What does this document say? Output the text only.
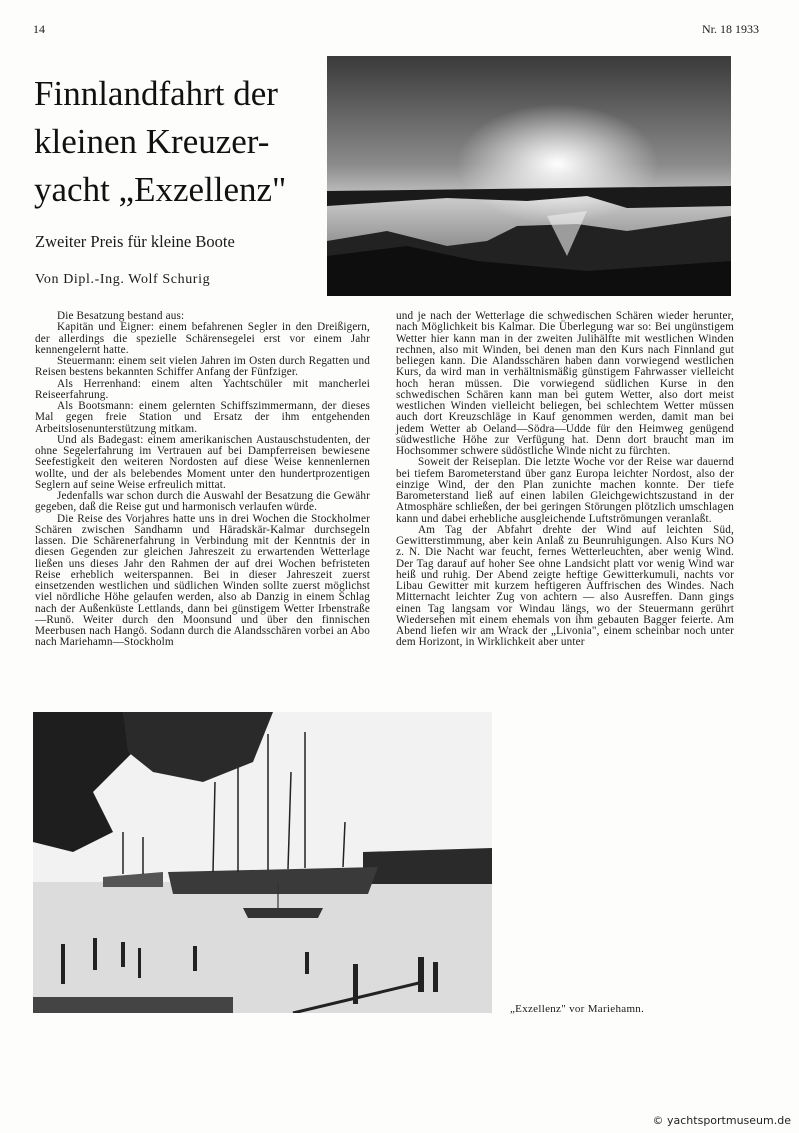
14	Nr. 18 1933
Finnlandfahrt der kleinen Kreuzer-yacht „Exzellenz"
Zweiter Preis für kleine Boote
Von Dipl.-Ing. Wolf Schurig

Die Besatzung bestand aus:

Kapitän und Eigner: einem befahrenen Segler in den Dreißigern, der allerdings die spezielle Schärensegelei erst vor einem Jahr kennengelernt hatte.

Steuermann: einem seit vielen Jahren im Osten durch Regatten und Reisen bestens bekannten Schiffer Anfang der Fünfziger.

Als Herrenhand: einem alten Yachtschüler mit mancherlei Reiseerfahrung.

Als Bootsmann: einem gelernten Schiffszimmermann, der dieses Mal gegen freie Station und Ersatz der ihm entgehenden Arbeitslosenunterstützung mitkam.

Und als Badegast: einem amerikanischen Austauschstudenten, der ohne Segelerfahrung im Vertrauen auf bei Dampferreisen bewiesene Seefestigkeit den weiteren Nordosten auf diese Weise kennenlernen wollte, und der als belebendes Moment unter den hundertprozentigen Seglern auf seine Weise erfreulich mittat.

Jedenfalls war schon durch die Auswahl der Besatzung die Gewähr gegeben, daß die Reise gut und harmonisch verlaufen würde.

Die Reise des Vorjahres hatte uns in drei Wochen die Stockholmer Schären zwischen Sandhamn und Häradskär-Kalmar durchsegeln lassen. Die Schärenerfahrung in Verbindung mit der Kenntnis der in diesen Gegenden zur gleichen Jahreszeit zu erwartenden Wetterlage ließen uns dieses Jahr den Rahmen der auf drei Wochen befristeten Reise erheblich weiterspannen. Bei in dieser Jahreszeit zuerst einsetzenden westlichen und südlichen Winden sollte zuerst möglichst viel nördliche Höhe gelaufen werden, also ab Danzig in einem Schlag nach der Außenküste Lettlands, dann bei günstigem Wetter Irbenstraße—Runö. Weiter durch den Moonsund und über den finnischen Meerbusen nach Hangö. Sodann durch die Alandsschären vorbei an Abo nach Mariehamn—Stockholm

und je nach der Wetterlage die schwedischen Schären wieder herunter, nach Möglichkeit bis Kalmar. Die Überlegung war so: Bei ungünstigem Wetter hier kann man in der zweiten Julihälfte mit westlichen Winden rechnen, also mit Winden, bei denen man den Kurs nach Finnland gut beliegen kann. Die Alandsschären haben dann vorwiegend westlichen Kurs, da wird man in verhältnismäßig günstigem Fahrwasser vielleicht hoch heran müssen. Die vorwiegend südlichen Kurse in den schwedischen Schären kann man bei gutem Wetter, also dort meist westlichen Winden vielleicht beliegen, bei schlechtem Wetter müssen auch dort Kreuzschläge in Kauf genommen werden, damit man bei jedem Wetter ab Oeland—Södra—Udde für den Heimweg genügend südwestliche Höhe zur Verfügung hat. Denn dort braucht man im Hochsommer schwere südöstliche Winde nicht zu fürchten.

Soweit der Reiseplan. Die letzte Woche vor der Reise war dauernd bei tiefem Barometerstand über ganz Europa leichter Nordost, also der einzige Wind, der den Plan zunichte machen konnte. Der tiefe Barometerstand ließ auf einen labilen Gleichgewichtszustand in der Atmosphäre schließen, der bei geringen Störungen plötzlich umschlagen kann und dabei erhebliche ausgleichende Luftströmungen veranlaßt.

Am Tag der Abfahrt drehte der Wind auf leichten Süd, Gewitterstimmung, aber kein Anlaß zu Beunruhigungen. Also Kurs NO z. N. Die Nacht war feucht, fernes Wetterleuchten, aber wenig Wind. Der Tag darauf auf hoher See ohne Landsicht platt vor wenig Wind war heiß und ruhig. Der Abend zeigte heftige Gewitterkumuli, nachts vor Libau Gewitter mit kurzem heftigeren Auffrischen des Windes. Nach Mitternacht leichter Zug von achtern — also Ausreffen. Dann gings einen Tag langsam vor Windau längs, wo der Steuermann gerührt Wiedersehen mit einem ehemals von ihm gebauten Bagger feierte. Am Abend liefen wir am Wrack der „Livonia", einem scheinbar noch unter dem Horizont, in Wirklichkeit aber unter

„Exzellenz" vor Mariehamn.
© yachtsportmuseum.de
